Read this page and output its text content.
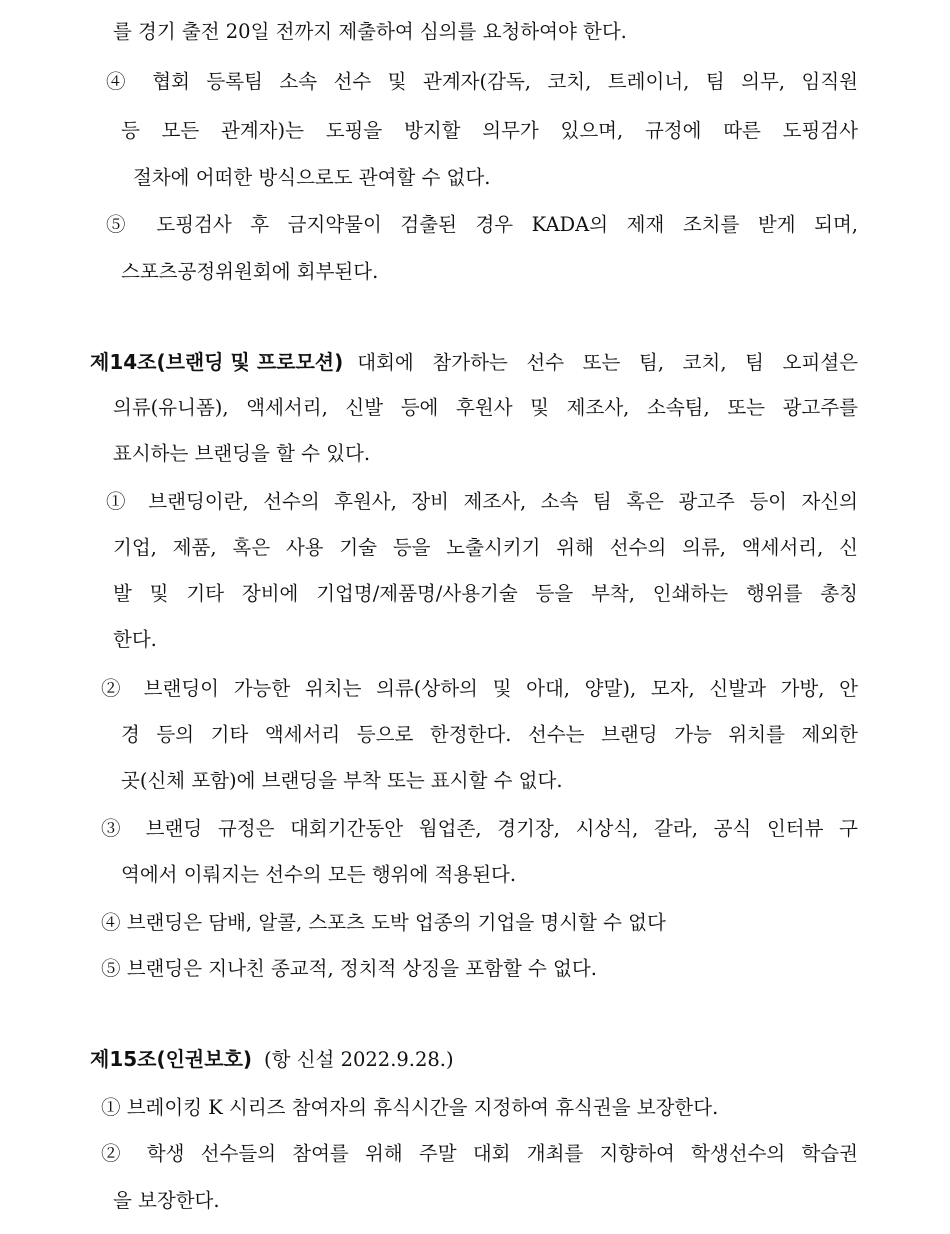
를 경기 출전 20일 전까지 제출하여 심의를 요청하여야 한다.
④ 협회 등록팀 소속 선수 및 관계자(감독, 코치, 트레이너, 팀 의무, 임직원
등 모든 관계자)는 도핑을 방지할 의무가 있으며, 규정에 따른 도핑검사
절차에 어떠한 방식으로도 관여할 수 없다.
⑤ 도핑검사 후 금지약물이 검출된 경우 KADA의 제재 조치를 받게 되며,
스포츠공정위원회에 회부된다.
제14조(브랜딩 및 프로모션) 대회에 참가하는 선수 또는 팀, 코치, 팀 오피셜은
의류(유니폼), 액세서리, 신발 등에 후원사 및 제조사, 소속팀, 또는 광고주를
표시하는 브랜딩을 할 수 있다.
① 브랜딩이란, 선수의 후원사, 장비 제조사, 소속 팀 혹은 광고주 등이 자신의
기업, 제품, 혹은 사용 기술 등을 노출시키기 위해 선수의 의류, 액세서리, 신
발 및 기타 장비에 기업명/제품명/사용기술 등을 부착, 인쇄하는 행위를 총칭
한다.
② 브랜딩이 가능한 위치는 의류(상하의 및 아대, 양말), 모자, 신발과 가방, 안
경 등의 기타 액세서리 등으로 한정한다. 선수는 브랜딩 가능 위치를 제외한
곳(신체 포함)에 브랜딩을 부착 또는 표시할 수 없다.
③ 브랜딩 규정은 대회기간동안 웜업존, 경기장, 시상식, 갈라, 공식 인터뷰 구
역에서 이뤄지는 선수의 모든 행위에 적용된다.
④ 브랜딩은 담배, 알콜, 스포츠 도박 업종의 기업을 명시할 수 없다
⑤ 브랜딩은 지나친 종교적, 정치적 상징을 포함할 수 없다.
제15조(인권보호) (항 신설 2022.9.28.)
① 브레이킹 K 시리즈 참여자의 휴식시간을 지정하여 휴식권을 보장한다.
② 학생 선수들의 참여를 위해 주말 대회 개최를 지향하여 학생선수의 학습권
을 보장한다.
